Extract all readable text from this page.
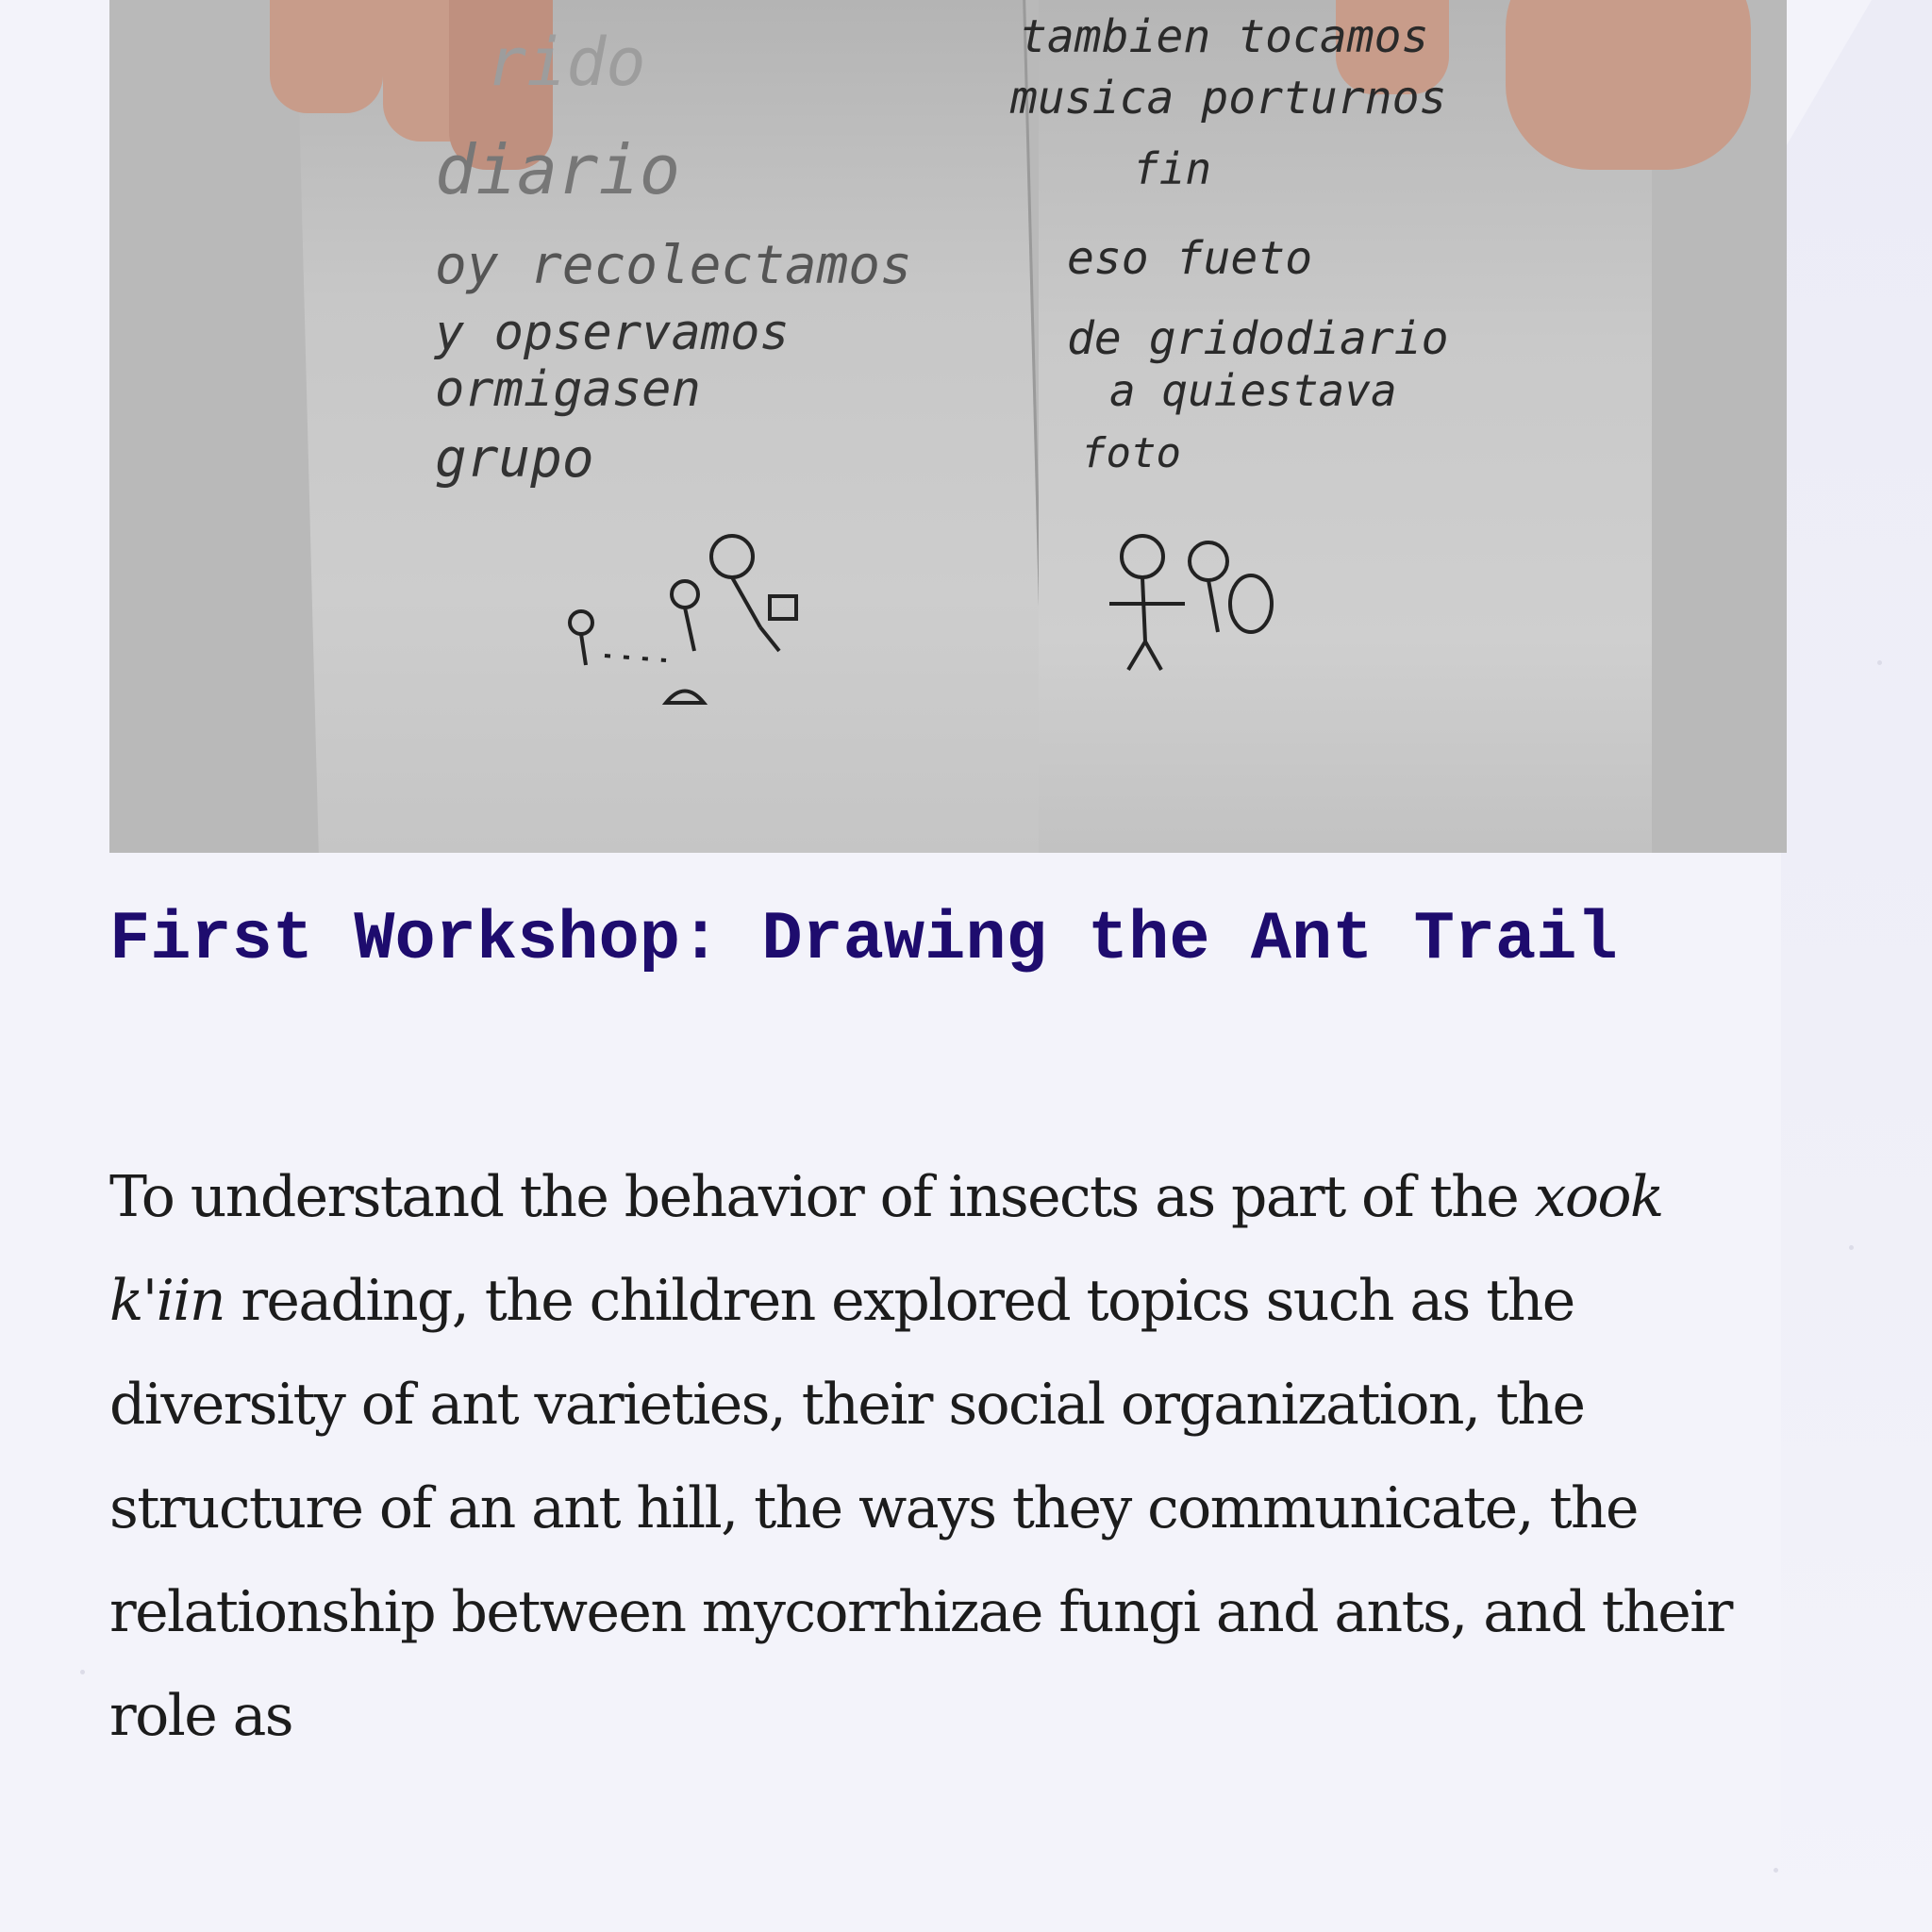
rido
diario
oy recolectamos
y opservamos
ormigasen
grupo
tambien tocamos
musica porturnos
fin
eso fueto
de gridodiario
a quiestava
foto
First Workshop: Drawing the Ant Trail

To understand the behavior of insects as part of the xook k'iin reading, the children explored topics such as the diversity of ant varieties, their social organization, the structure of an ant hill, the ways they communicate, the relationship between mycorrhizae fungi and ants, and their role as
